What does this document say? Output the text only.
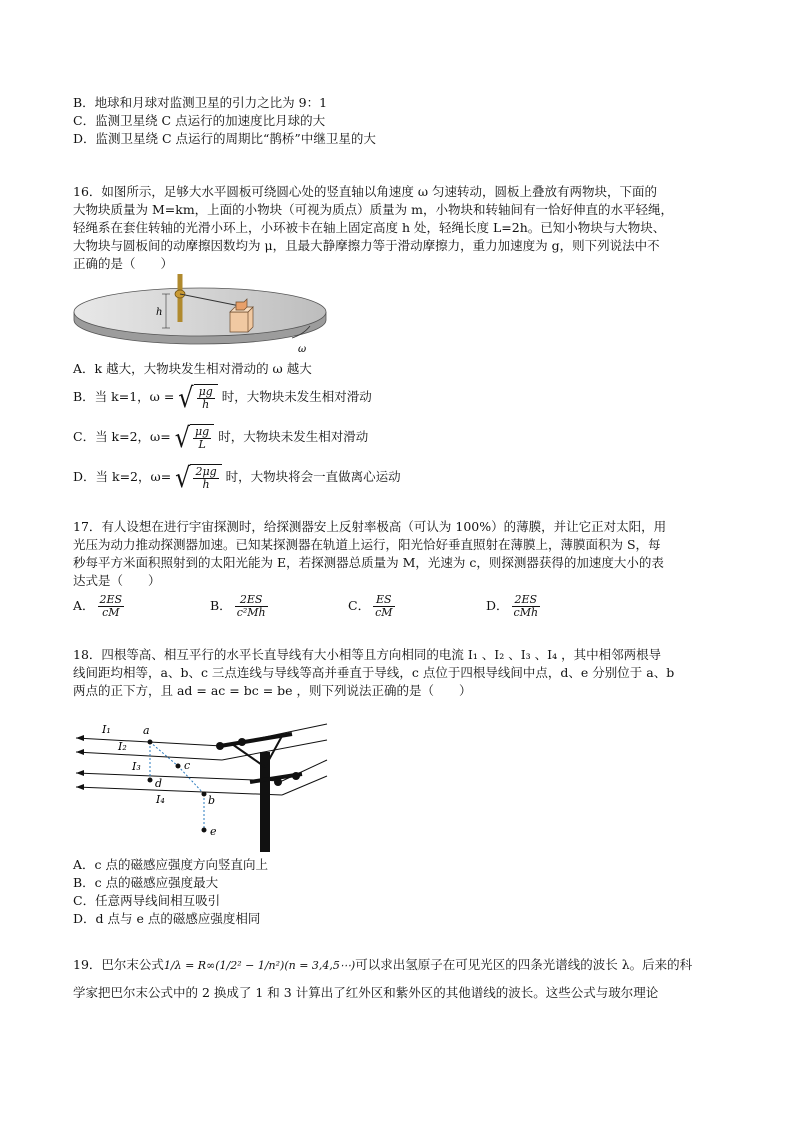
B．地球和月球对监测卫星的引力之比为 9：1
C．监测卫星绕 C 点运行的加速度比月球的大
D．监测卫星绕 C 点运行的周期比“鹊桥”中继卫星的大
16．如图所示，足够大水平圆板可绕圆心处的竖直轴以角速度 ω 匀速转动，圆板上叠放有两物块，下面的
大物块质量为 M=km，上面的小物块（可视为质点）质量为 m，小物块和转轴间有一恰好伸直的水平轻绳，
轻绳系在套住转轴的光滑小环上，小环被卡在轴上固定高度 h 处，轻绳长度 L=2h。已知小物块与大物块、
大物块与圆板间的动摩擦因数均为 μ，且最大静摩擦力等于滑动摩擦力，重力加速度为 g，则下列说法中不
正确的是（　　）
h
ω
A．k 越大，大物块发生相对滑动的 ω 越大
B．当 k=1，ω = √ $\frac{\mu g}{h}$ 时，大物块未发生相对滑动
C．当 k=2，ω= √ $\frac{\mu g}{L}$ 时，大物块未发生相对滑动
D．当 k=2，ω= √ $\frac{2\mu g}{h}$ 时，大物块将会一直做离心运动
17．有人设想在进行宇宙探测时，给探测器安上反射率极高（可认为 100%）的薄膜，并让它正对太阳，用
光压为动力推动探测器加速。已知某探测器在轨道上运行，阳光恰好垂直照射在薄膜上，薄膜面积为 S，每
秒每平方米面积照射到的太阳光能为 E，若探测器总质量为 M，光速为 c，则探测器获得的加速度大小的表
达式是（　　）
A． $\frac{2ES}{cM}$	B． $\frac{2ES}{\text{c²Mh}}$	C． $\frac{ES}{cM}$	D． $\frac{2ES}{\text{cMh}}$
18．四根等高、相互平行的水平长直导线有大小相等且方向相同的电流 I₁ 、I₂ 、I₃ 、I₄ ，其中相邻两根导
线间距均相等，a、b、c 三点连线与导线等高并垂直于导线，c 点位于四根导线间中点，d、e 分别位于 a、b
两点的正下方，且 ad = ac = bc = be ，则下列说法正确的是（　　）
I₁
I₂
I₃
I₄
a
c
b
d
e
A．c 点的磁感应强度方向竖直向上
B．c 点的磁感应强度最大
C．任意两导线间相互吸引
D．d 点与 e 点的磁感应强度相同
19．巴尔末公式1/λ = R∞(1/2² − 1/n²)(n = 3,4,5⋯)可以求出氢原子在可见光区的四条光谱线的波长 λ。后来的科
学家把巴尔末公式中的 2 换成了 1 和 3 计算出了红外区和紫外区的其他谱线的波长。这些公式与玻尔理论
